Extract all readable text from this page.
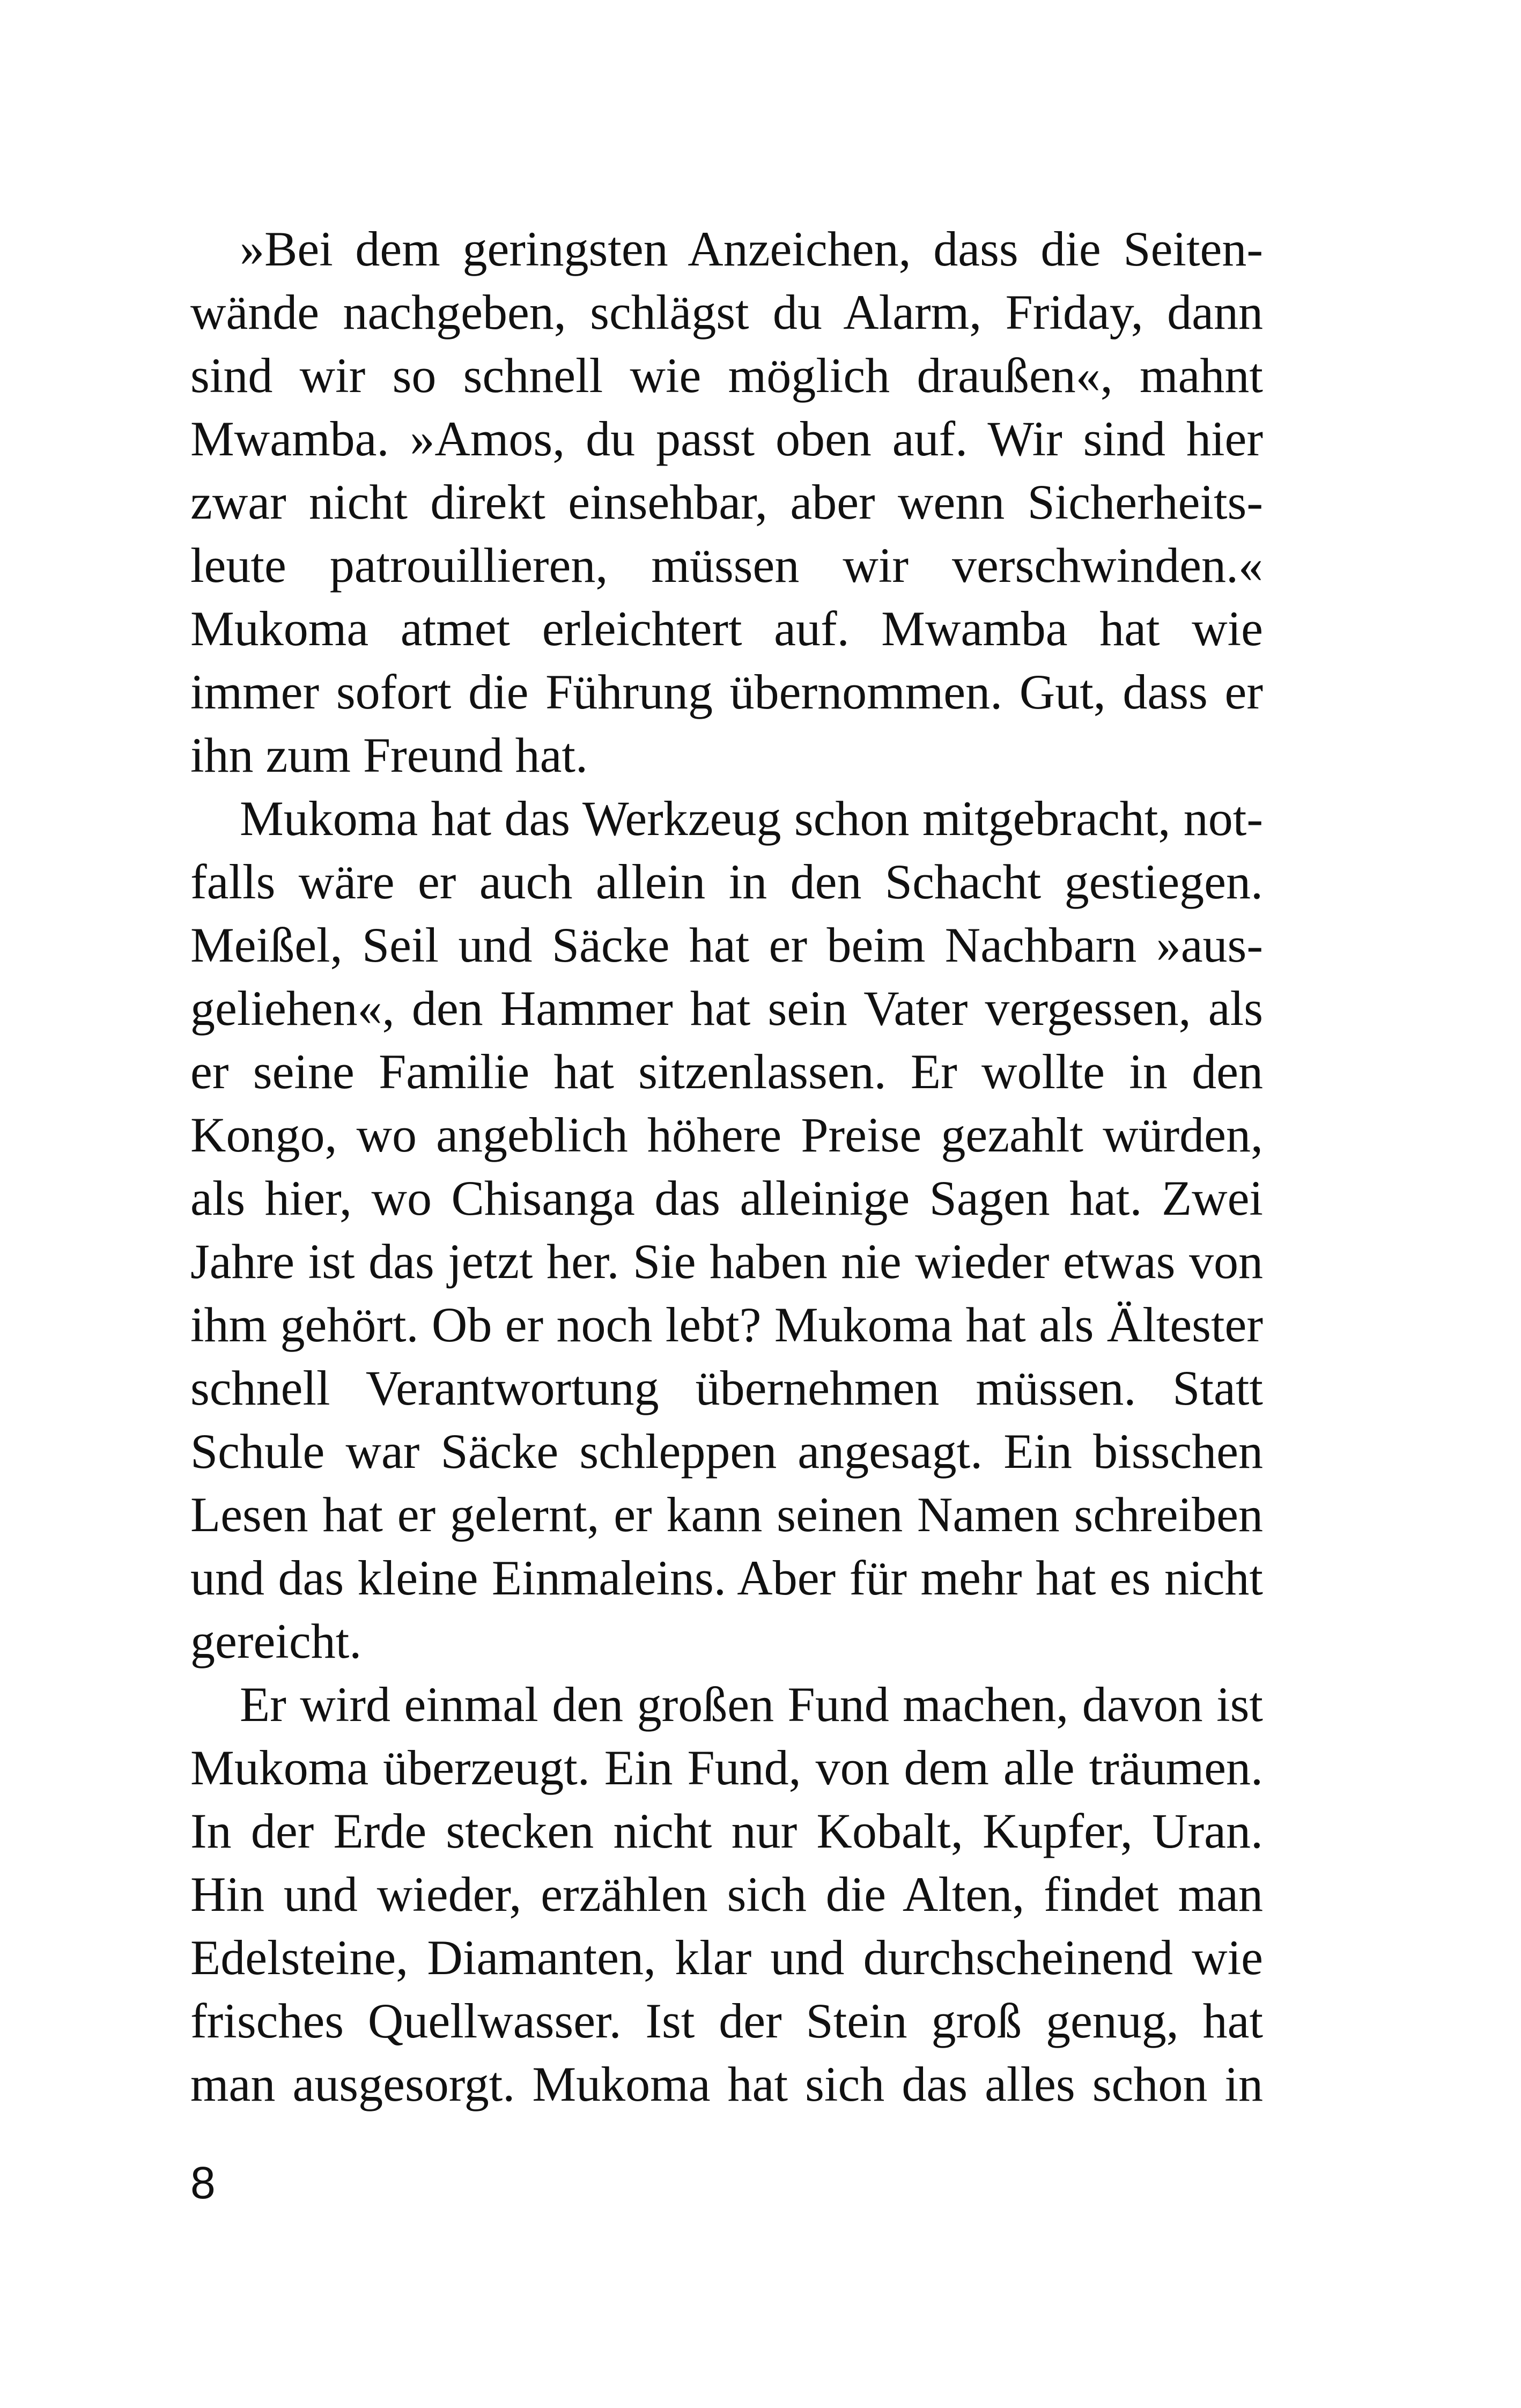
»Bei dem geringsten Anzeichen, dass die Seiten-
wände nachgeben, schlägst du Alarm, Friday, dann
sind wir so schnell wie möglich draußen«, mahnt
Mwamba. »Amos, du passt oben auf. Wir sind hier
zwar nicht direkt einsehbar, aber wenn Sicherheits-
leute patrouillieren, müssen wir verschwinden.«
Mukoma atmet erleichtert auf. Mwamba hat wie
immer sofort die Führung übernommen. Gut, dass er
ihn zum Freund hat.
Mukoma hat das Werkzeug schon mitgebracht, not-
falls wäre er auch allein in den Schacht gestiegen.
Meißel, Seil und Säcke hat er beim Nachbarn »aus-
geliehen«, den Hammer hat sein Vater vergessen, als
er seine Familie hat sitzenlassen. Er wollte in den
Kongo, wo angeblich höhere Preise gezahlt würden,
als hier, wo Chisanga das alleinige Sagen hat. Zwei
Jahre ist das jetzt her. Sie haben nie wieder etwas von
ihm gehört. Ob er noch lebt? Mukoma hat als Ältester
schnell Verantwortung übernehmen müssen. Statt
Schule war Säcke schleppen angesagt. Ein bisschen
Lesen hat er gelernt, er kann seinen Namen schreiben
und das kleine Einmaleins. Aber für mehr hat es nicht
gereicht.
Er wird einmal den großen Fund machen, davon ist
Mukoma überzeugt. Ein Fund, von dem alle träumen.
In der Erde stecken nicht nur Kobalt, Kupfer, Uran.
Hin und wieder, erzählen sich die Alten, findet man
Edelsteine, Diamanten, klar und durchscheinend wie
frisches Quellwasser. Ist der Stein groß genug, hat
man ausgesorgt. Mukoma hat sich das alles schon in
8
